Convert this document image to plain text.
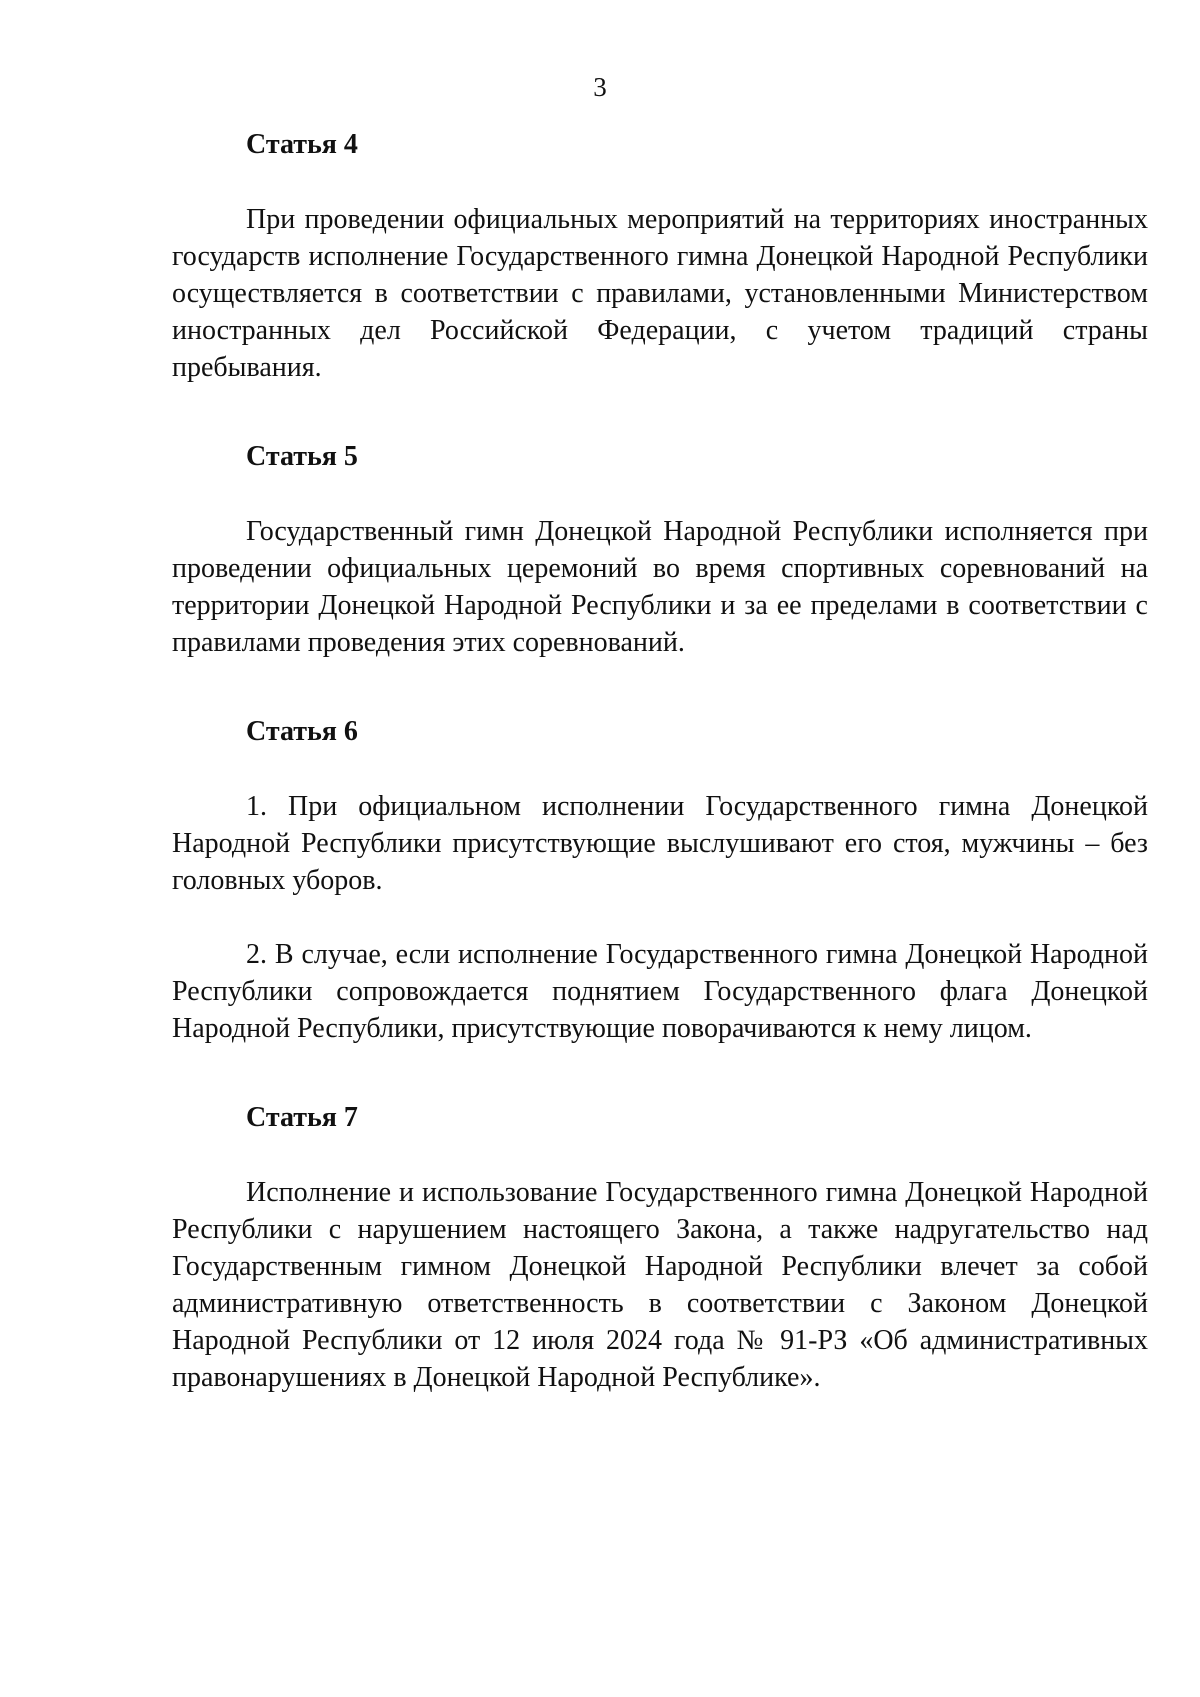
3
Статья 4

При проведении официальных мероприятий на территориях иностранных государств исполнение Государственного гимна Донецкой Народной Республики осуществляется в соответствии с правилами, установленными Министерством иностранных дел Российской Федерации, с учетом традиций страны пребывания.

Статья 5

Государственный гимн Донецкой Народной Республики исполняется при проведении официальных церемоний во время спортивных соревнований на территории Донецкой Народной Республики и за ее пределами в соответствии с правилами проведения этих соревнований.

Статья 6

1. При официальном исполнении Государственного гимна Донецкой Народной Республики присутствующие выслушивают его стоя, мужчины – без головных уборов.

2. В случае, если исполнение Государственного гимна Донецкой Народной Республики сопровождается поднятием Государственного флага Донецкой Народной Республики, присутствующие поворачиваются к нему лицом.

Статья 7

Исполнение и использование Государственного гимна Донецкой Народной Республики с нарушением настоящего Закона, а также надругательство над Государственным гимном Донецкой Народной Республики влечет за собой административную ответственность в соответствии с Законом Донецкой Народной Республики от 12 июля 2024 года № 91-РЗ «Об административных правонарушениях в Донецкой Народной Республике».
